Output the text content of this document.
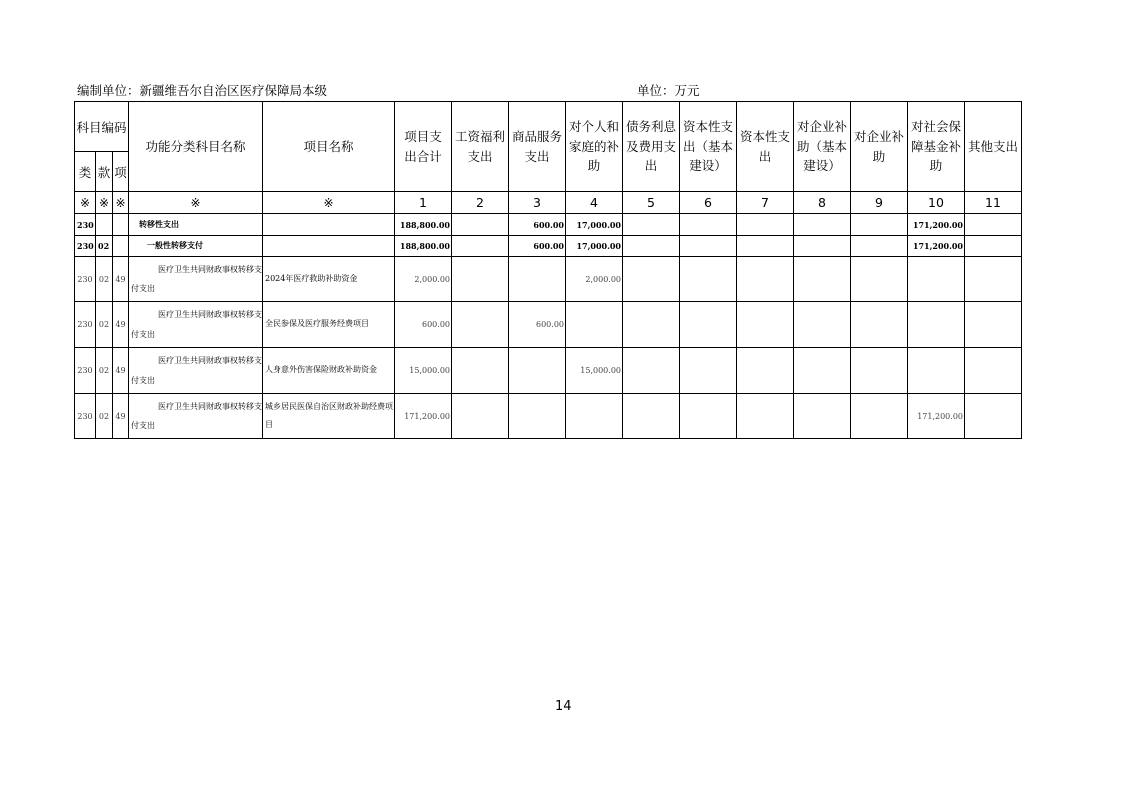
编制单位：新疆维吾尔自治区医疗保障局本级	单位：万元
科目编码			功能分类科目名称	项目名称	项目支出合计	工资福利支出	商品服务支出	对个人和家庭的补助	债务利息及费用支出	资本性支出（基本建设）	资本性支出	对企业补助（基本建设）	对企业补助	对社会保障基金补助	其他支出
类	款	项													
※	※	※	※	※	1	2	3	4	5	6	7	8	9	10	11
230			转移性支出		188,800.00		600.00	17,000.00						171,200.00	
230	02		一般性转移支付		188,800.00		600.00	17,000.00						171,200.00	
230	02	49	医疗卫生共同财政事权转移支付支出	2024年医疗救助补助资金	2,000.00			2,000.00							
230	02	49	医疗卫生共同财政事权转移支付支出	全民参保及医疗服务经费项目	600.00		600.00								
230	02	49	医疗卫生共同财政事权转移支付支出	人身意外伤害保险财政补助资金	15,000.00			15,000.00							
230	02	49	医疗卫生共同财政事权转移支付支出	城乡居民医保自治区财政补助经费项目	171,200.00									171,200.00	
14
